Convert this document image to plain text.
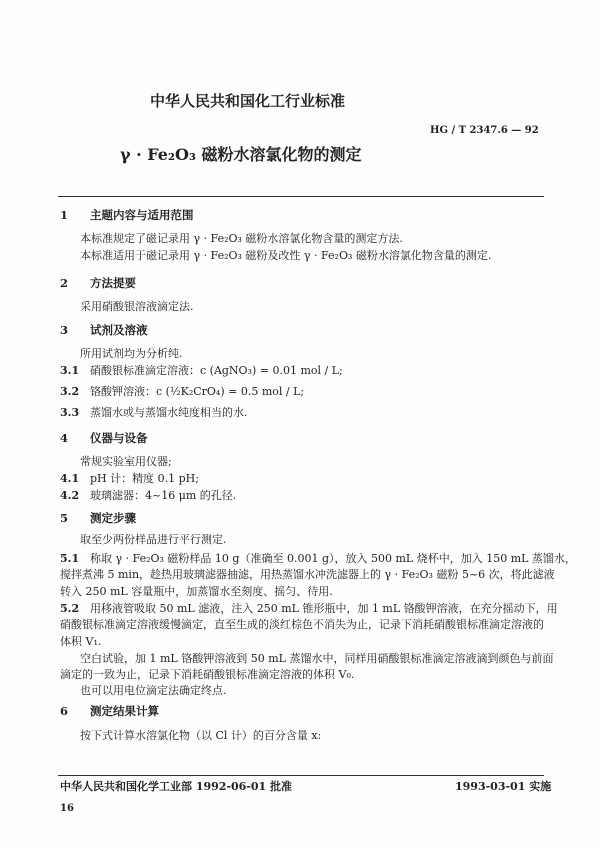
中华人民共和国化工行业标准
HG / T 2347.6 — 92
γ · Fe₂O₃ 磁粉水溶氯化物的测定
1 主题内容与适用范围
本标准规定了磁记录用 γ · Fe₂O₃ 磁粉水溶氯化物含量的测定方法.
本标准适用于磁记录用 γ · Fe₂O₃ 磁粉及改性 γ · Fe₂O₃ 磁粉水溶氯化物含量的测定.
2 方法提要
采用硝酸银溶液滴定法.
3 试剂及溶液
所用试剂均为分析纯.
3.1 硝酸银标准滴定溶液：c (AgNO₃) = 0.01 mol / L;
3.2 铬酸钾溶液：c (½K₂CrO₄) = 0.5 mol / L;
3.3 蒸馏水或与蒸馏水纯度相当的水.
4 仪器与设备
常规实验室用仪器;
4.1 pH 计：精度 0.1 pH;
4.2 玻璃滤器：4~16 μm 的孔径.
5 测定步骤
取至少两份样品进行平行测定.
5.1 称取 γ · Fe₂O₃ 磁粉样品 10 g（准确至 0.001 g），放入 500 mL 烧杯中，加入 150 mL 蒸馏水，
搅拌煮沸 5 min，趁热用玻璃滤器抽滤，用热蒸馏水冲洗滤器上的 γ · Fe₂O₃ 磁粉 5~6 次，将此滤液
转入 250 mL 容量瓶中，加蒸馏水至刻度、摇匀、待用.
5.2 用移液管吸取 50 mL 滤液，注入 250 mL 锥形瓶中，加 1 mL 铬酸钾溶液，在充分摇动下，用
硝酸银标准滴定溶液缓慢滴定，直至生成的淡红棕色不消失为止，记录下消耗硝酸银标准滴定溶液的
体积 V₁.
空白试验，加 1 mL 铬酸钾溶液到 50 mL 蒸馏水中，同样用硝酸银标准滴定溶液滴到颜色与前面
滴定的一致为止，记录下消耗硝酸银标准滴定溶液的体积 V₀.
也可以用电位滴定法确定终点.
6 测定结果计算
按下式计算水溶氯化物（以 Cl 计）的百分含量 x:
中华人民共和国化学工业部 1992-06-01 批准	1993-03-01 实施
16
